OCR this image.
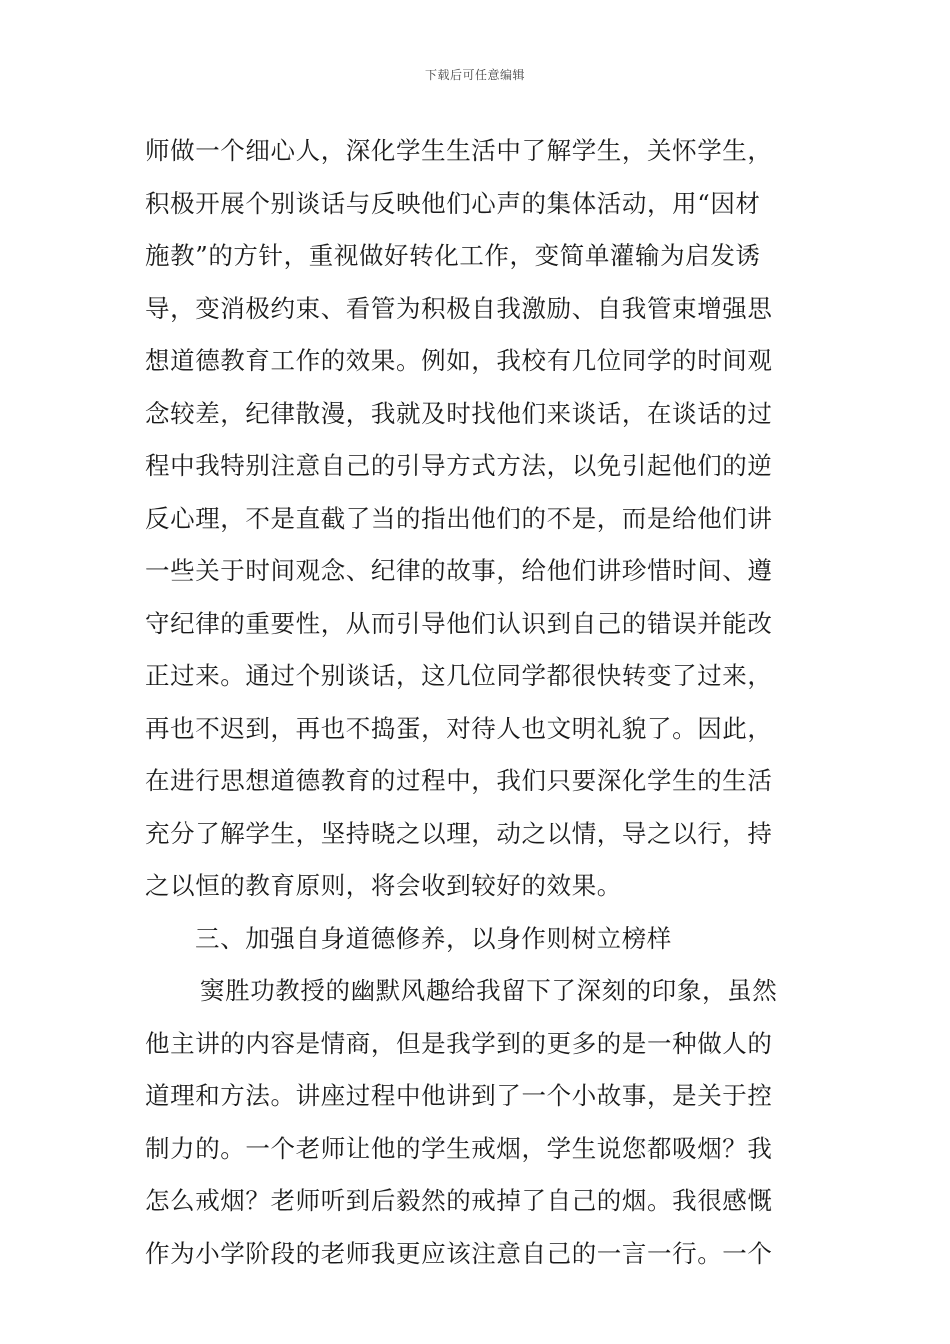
下载后可任意编辑
师做一个细心人，深化学生生活中了解学生，关怀学生，
积极开展个别谈话与反映他们心声的集体活动，用“因材
施教”的方针，重视做好转化工作，变简单灌输为启发诱
导，变消极约束、看管为积极自我激励、自我管束增强思
想道德教育工作的效果。例如，我校有几位同学的时间观
念较差，纪律散漫，我就及时找他们来谈话，在谈话的过
程中我特别注意自己的引导方式方法，以免引起他们的逆
反心理，不是直截了当的指出他们的不是，而是给他们讲
一些关于时间观念、纪律的故事，给他们讲珍惜时间、遵
守纪律的重要性，从而引导他们认识到自己的错误并能改
正过来。通过个别谈话，这几位同学都很快转变了过来，
再也不迟到，再也不捣蛋，对待人也文明礼貌了。因此，
在进行思想道德教育的过程中，我们只要深化学生的生活
充分了解学生，坚持晓之以理，动之以情，导之以行，持
之以恒的教育原则，将会收到较好的效果。
三、加强自身道德修养，以身作则树立榜样
窦胜功教授的幽默风趣给我留下了深刻的印象，虽然
他主讲的内容是情商，但是我学到的更多的是一种做人的
道理和方法。讲座过程中他讲到了一个小故事，是关于控
制力的。一个老师让他的学生戒烟，学生说您都吸烟？我
怎么戒烟？老师听到后毅然的戒掉了自己的烟。我很感慨
作为小学阶段的老师我更应该注意自己的一言一行。一个
